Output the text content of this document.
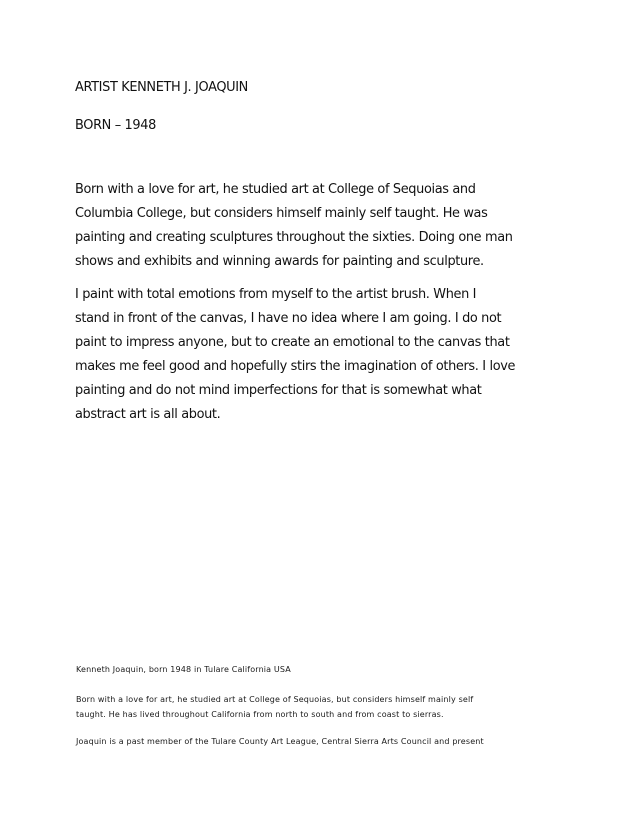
ARTIST KENNETH J. JOAQUIN
BORN – 1948

Born with a love for art, he studied art at College of Sequoias and
Columbia College, but considers himself mainly self taught. He was
painting and creating sculptures throughout the sixties. Doing one man
shows and exhibits and winning awards for painting and sculpture.

I paint with total emotions from myself to the artist brush. When I
stand in front of the canvas, I have no idea where I am going. I do not
paint to impress anyone, but to create an emotional to the canvas that
makes me feel good and hopefully stirs the imagination of others. I love
painting and do not mind imperfections for that is somewhat what
abstract art is all about.

Kenneth Joaquin, born 1948 in Tulare California USA
Born with a love for art, he studied art at College of Sequoias, but considers himself mainly self
taught. He has lived throughout California from north to south and from coast to sierras.
Joaquin is a past member of the Tulare County Art League, Central Sierra Arts Council and present
